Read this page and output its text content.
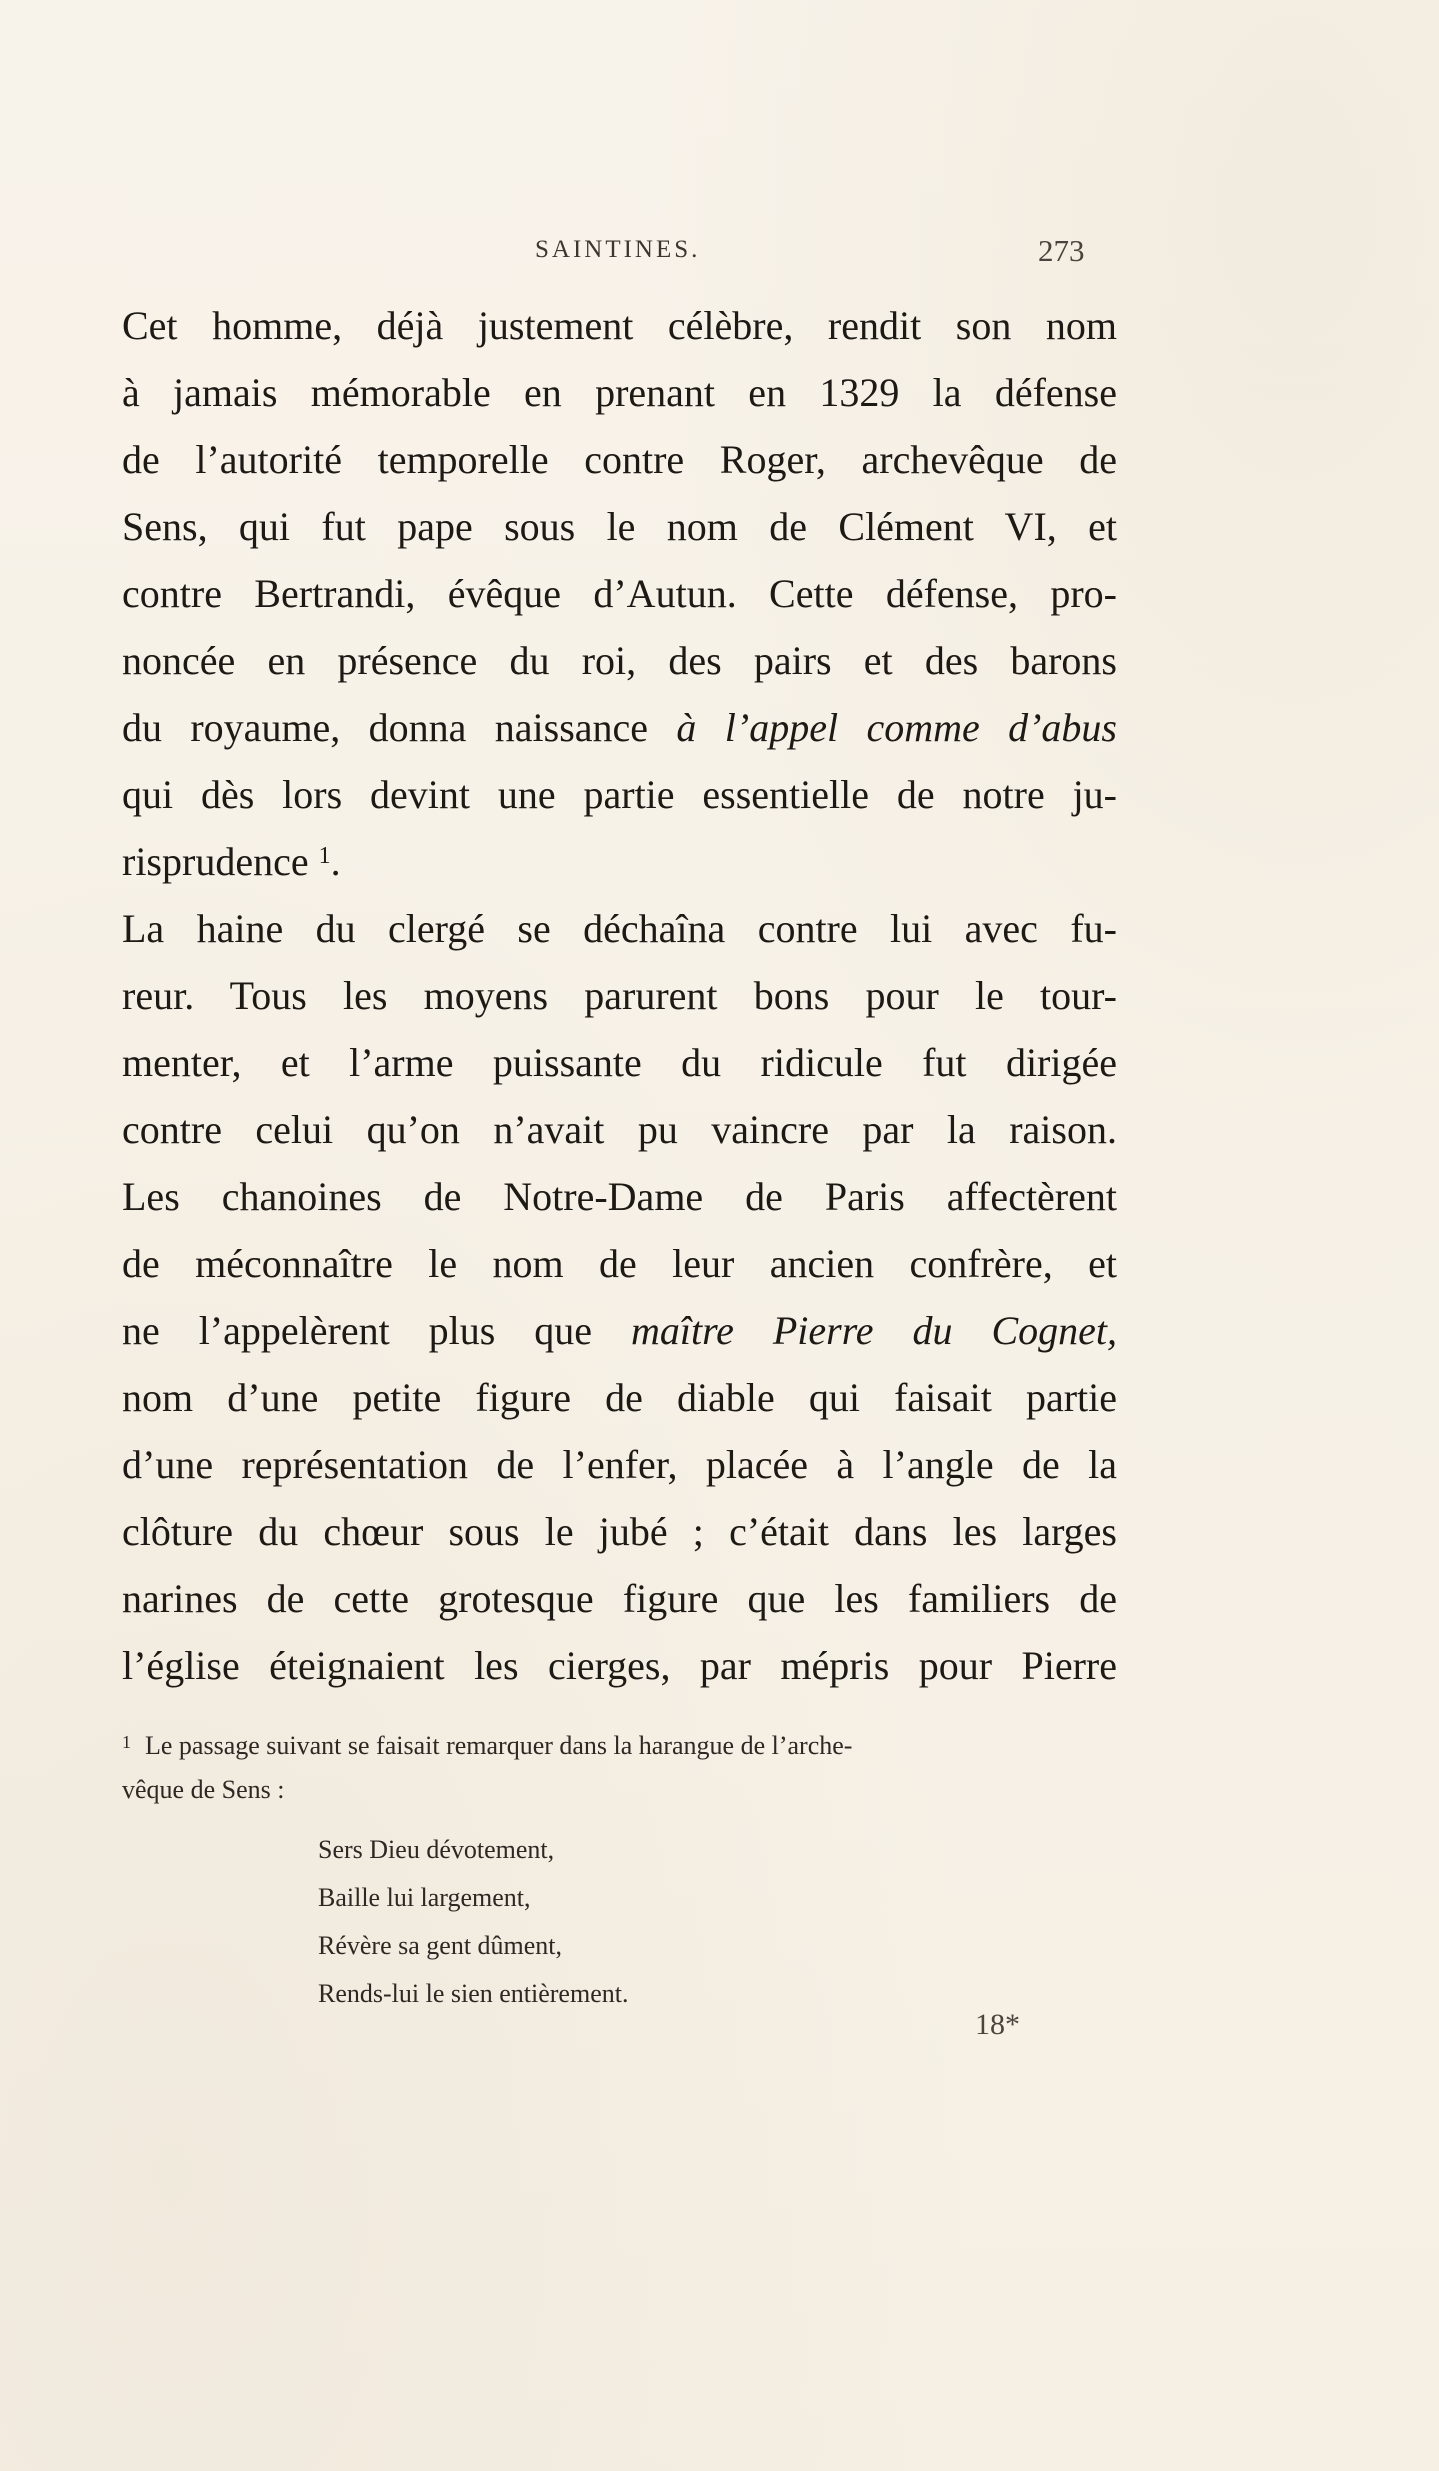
SAINTINES.	273

Cet homme, déjà justement célèbre, rendit son nom
à jamais mémorable en prenant en 1329 la défense
de l’autorité temporelle contre Roger, archevêque de
Sens, qui fut pape sous le nom de Clément VI, et
contre Bertrandi, évêque d’Autun. Cette défense, pro-
noncée en présence du roi, des pairs et des barons
du royaume, donna naissance à l’appel comme d’abus
qui dès lors devint une partie essentielle de notre ju-
risprudence $^1$.

La haine du clergé se déchaîna contre lui avec fu-
reur. Tous les moyens parurent bons pour le tour-
menter, et l’arme puissante du ridicule fut dirigée
contre celui qu’on n’avait pu vaincre par la raison.
Les chanoines de Notre-Dame de Paris affectèrent
de méconnaître le nom de leur ancien confrère, et
ne l’appelèrent plus que maître Pierre du Cognet,
nom d’une petite figure de diable qui faisait partie
d’une représentation de l’enfer, placée à l’angle de la
clôture du chœur sous le jubé ; c’était dans les larges
narines de cette grotesque figure que les familiers de
l’église éteignaient les cierges, par mépris pour Pierre

$^1$ Le passage suivant se faisait remarquer dans la harangue de l’arche-
vêque de Sens :
Sers Dieu dévotement,
Baille lui largement,
Révère sa gent dûment,
Rends-lui le sien entièrement.
18*
